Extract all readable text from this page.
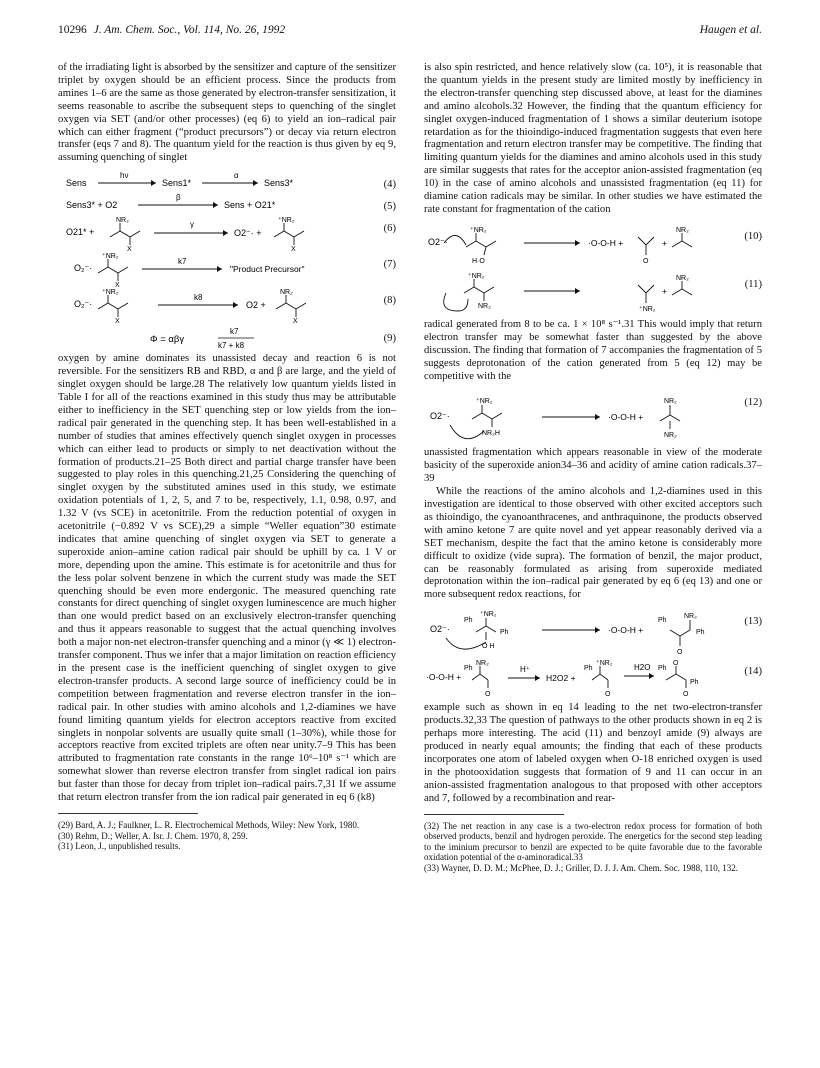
10296 J. Am. Chem. Soc., Vol. 114, No. 26, 1992	Haugen et al.

of the irradiating light is absorbed by the sensitizer and capture of the sensitizer triplet by oxygen should be an efficient process. Since the products from amines 1–6 are the same as those generated by electron-transfer sensitization, it seems reasonable to ascribe the subsequent steps to quenching of the singlet oxygen via SET (and/or other processes) (eq 6) to yield an ion–radical pair which can either fragment (“product precursors”) or decay via return electron transfer (eqs 7 and 8). The quantum yield for the reaction is thus given by eq 9, assuming quenching of singlet

Sens
hν
Sens1*
α
Sens3*	(4)
Sens3* + O2
β
Sens + O21*	(5)
O21* +
NR₂
X
γ
O2⁻· +
⁺NR₂
X
(6)
O₂⁻·
⁺NR₂
X
k7
"Product Precursor"	(7)
O₂⁻·
⁺NR₂
X
k8
O2 +
NR₂
X
(8)
Φ = αβγ
k7
k7 + k8
(9)

oxygen by amine dominates its unassisted decay and reaction 6 is not reversible. For the sensitizers RB and RBD, α and β are large, and the yield of singlet oxygen should be large.28 The relatively low quantum yields listed in Table I for all of the reactions examined in this study thus may be attributable either to inefficiency in the SET quenching step or low yields from the ion–radical pair generated in the quenching step. It has been well-established in a number of studies that amines effectively quench singlet oxygen in processes which can either lead to products or simply to net deactivation without the formation of products.21–25 Both direct and partial charge transfer have been suggested to play roles in this quenching.21,25 Considering the quenching of singlet oxygen by the substituted amines used in this study, we estimate oxidation potentials of 1, 2, 5, and 7 to be, respectively, 1.1, 0.98, 0.97, and 1.32 V (vs SCE) in acetonitrile. From the reduction potential of oxygen in acetonitrile (−0.892 V vs SCE),29 a simple “Weller equation”30 estimate indicates that amine quenching of singlet oxygen via SET to generate a superoxide anion–amine cation radical pair should be uphill by ca. 1 V or more, depending upon the amine. This estimate is for acetonitrile and thus for the less polar solvent benzene in which the current study was made the SET quenching should be even more endergonic. The measured quenching rate constants for direct quenching of singlet oxygen luminescence are much higher than one would predict based on an exclusively electron-transfer quenching and thus it appears reasonable to suggest that the actual quenching involves both a major non-net electron-transfer quenching and a minor (γ ≪ 1) electron-transfer component. Thus we infer that a major limitation on reaction efficiency in the present case is the inefficient quenching of singlet oxygen to give electron-transfer products. A second large source of inefficiency could be in competition between fragmentation and reverse electron transfer in the ion–radical pair. In other studies with amino alcohols and 1,2-diamines we have found limiting quantum yields for electron acceptors reactive from excited singlets in nonpolar solvents are usually quite small (1–30%), while those for acceptors reactive from excited triplets are often near unity.7–9 This has been attributed to fragmentation rate constants in the range 10⁶–10⁸ s⁻¹ which are somewhat slower than reverse electron transfer from singlet radical ion pairs but faster than those for decay from triplet ion–radical pairs.7,31 If we assume that return electron transfer from the ion radical pair generated in eq 6 (k8)

(29) Bard, A. J.; Faulkner, L. R. Electrochemical Methods, Wiley: New York, 1980.

(30) Rehm, D.; Weller, A. Isr. J. Chem. 1970, 8, 259.

(31) Leon, J., unpublished results.

is also spin restricted, and hence relatively slow (ca. 10⁵), it is reasonable that the quantum yields in the present study are limited mostly by inefficiency in the electron-transfer quenching step discussed above, at least for the diamines and amino alcohols.32 However, the finding that the quantum efficiency for singlet oxygen-induced fragmentation of 1 shows a similar deuterium isotope retardation as for the thioindigo-induced fragmentation suggests that even here fragmentation and return electron transfer may be competitive. The finding that limiting quantum yields for the diamines and amino alcohols used in this study are similar suggests that rates for the acceptor anion-assisted fragmentation (eq 10) in the case of amino alcohols and unassisted fragmentation (eq 11) for diamine cation radicals may be similar. In other studies we have estimated the rate constant for fragmentation of the cation

O2⁻·
⁺NR₂
H·O
·O-O-H +
O
+
NR₂
(10)
⁺NR₂
NR₂	⁺NR₂
+
NR₂
(11)

radical generated from 8 to be ca. 1 × 10⁸ s⁻¹.31 This would imply that return electron transfer may be somewhat faster than suggested by the above discussion. The finding that formation of 7 accompanies the fragmentation of 5 suggests deprotonation of the cation generated from 5 (eq 12) may be competitive with the

O2⁻·
⁺NR₂
NR₂H
·O-O-H +
NR₂
NR₂
(12)

unassisted fragmentation which appears reasonable in view of the moderate basicity of the superoxide anion34–36 and acidity of amine cation radicals.37–39

While the reactions of the amino alcohols and 1,2-diamines used in this investigation are identical to those observed with other excited acceptors such as thioindigo, the cyanoanthracenes, and anthraquinone, the products observed with amino ketone 7 are quite novel and yet appear reasonably derived via a SET mechanism, despite the fact that the amino ketone is considerably more difficult to oxidize (vide supra). The formation of benzil, the major product, can be reasonably formulated as arising from superoxide mediated deprotonation within the ion–radical pair generated by eq 6 (eq 13) and one or more subsequent redox reactions, for

O2⁻·
Ph
⁺NR₂
O H
Ph	·O-O-H +
Ph
NR₂
O
Ph
(13)
·O-O-H +
Ph
NR₂
O
H⁺
H2O2 +
Ph
⁺NR₂
O
H2O Ph
O
O
Ph
(14)

example such as shown in eq 14 leading to the net two-electron-transfer products.32,33 The question of pathways to the other products shown in eq 2 is perhaps more interesting. The acid (11) and benzoyl amide (9) always are produced in nearly equal amounts; the finding that each of these products incorporates one atom of labeled oxygen when O-18 enriched oxygen is used in the photooxidation suggests that formation of 9 and 11 can occur in an anion-assisted fragmentation analogous to that proposed with other acceptors and 7, followed by a recombination and rear-

(32) The net reaction in any case is a two-electron redox process for formation of both observed products, benzil and hydrogen peroxide. The energetics for the second step leading to the iminium precursor to benzil are expected to be quite favorable due to the favorable oxidation potential of the α-aminoradical.33

(33) Wayner, D. D. M.; McPhee, D. J.; Griller, D. J. J. Am. Chem. Soc. 1988, 110, 132.
